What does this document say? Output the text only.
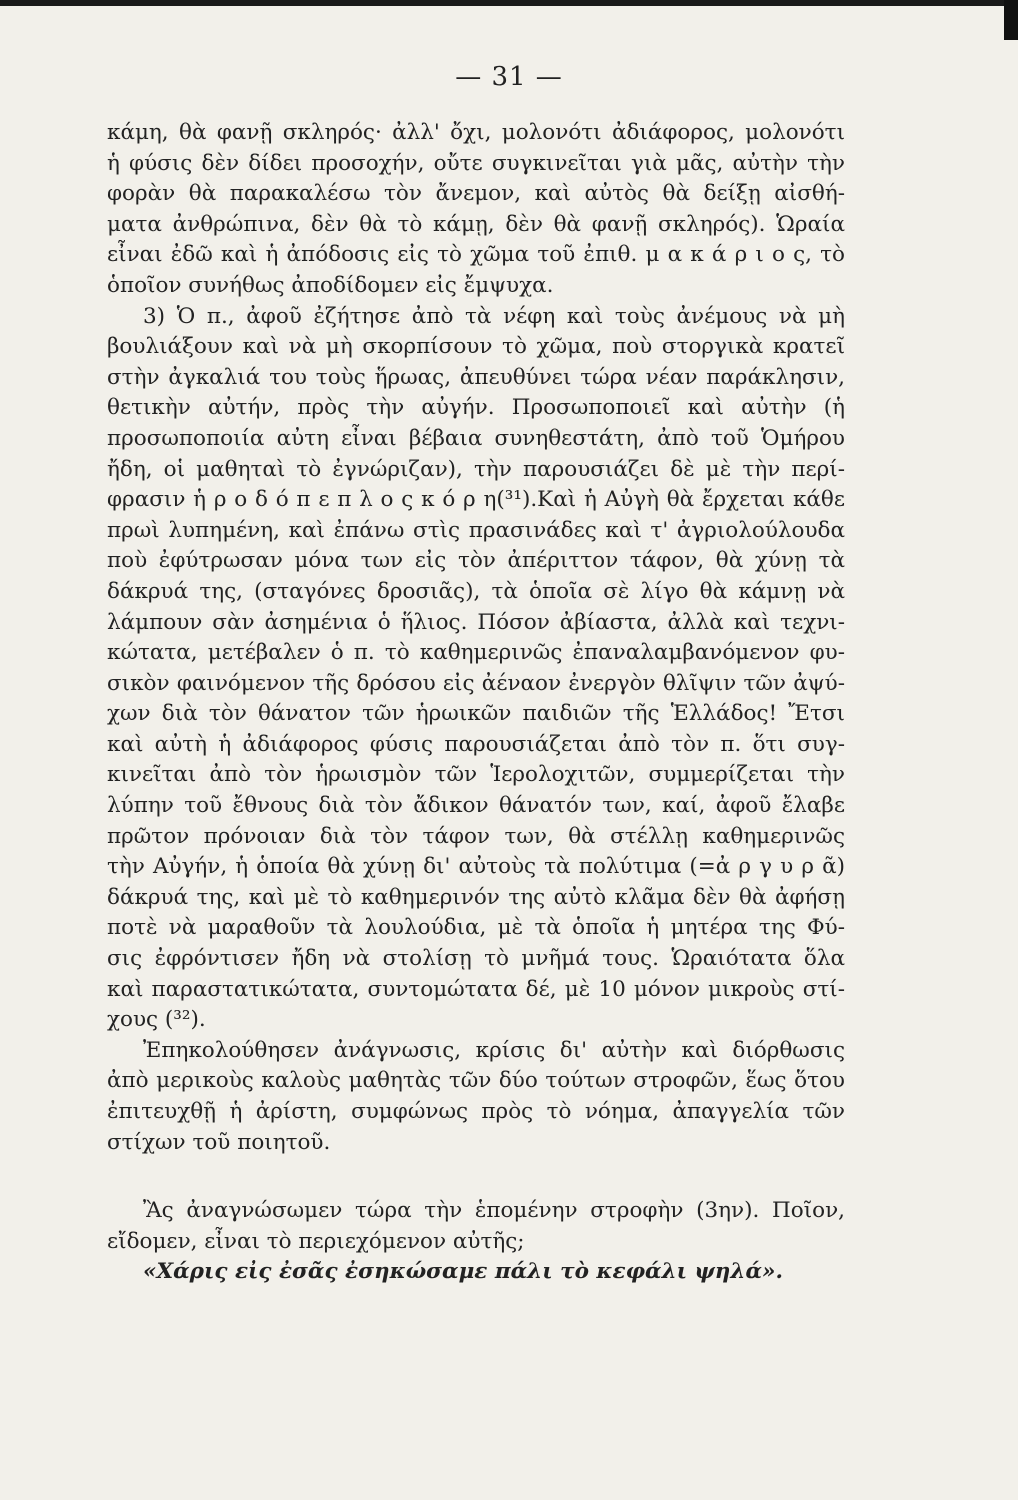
— 31 —
κάμη, θὰ φανῇ σκληρός· ἀλλ' ὄχι, μολονότι ἀδιάφορος, μολονότι
ἡ φύσις δὲν δίδει προσοχήν, οὔτε συγκινεῖται γιὰ μᾶς, αὐτὴν τὴν
φορὰν θὰ παρακαλέσω τὸν ἄνεμον, καὶ αὐτὸς θὰ δείξῃ αἰσθή-
ματα ἀνθρώπινα, δὲν θὰ τὸ κάμῃ, δὲν θὰ φανῇ σκληρός). Ὡραία
εἶναι ἐδῶ καὶ ἡ ἀπόδοσις εἰς τὸ χῶμα τοῦ ἐπιθ. μ α κ ά ρ ι ο ς, τὸ
ὁποῖον συνήθως ἀποδίδομεν εἰς ἔμψυχα.
3) Ὁ π., ἀφοῦ ἐζήτησε ἀπὸ τὰ νέφη καὶ τοὺς ἀνέμους νὰ μὴ
βουλιάξουν καὶ νὰ μὴ σκορπίσουν τὸ χῶμα, ποὺ στοργικὰ κρατεῖ
στὴν ἀγκαλιά του τοὺς ἥρωας, ἀπευθύνει τώρα νέαν παράκλησιν,
θετικὴν αὐτήν, πρὸς τὴν αὐγήν. Προσωποποιεῖ καὶ αὐτὴν (ἡ
προσωποποιία αὐτη εἶναι βέβαια συνηθεστάτη, ἀπὸ τοῦ Ὁμήρου
ἤδη, οἱ μαθηταὶ τὸ ἐγνώριζαν), τὴν παρουσιάζει δὲ μὲ τὴν περί-
φρασιν ἡ ρ ο δ ό π ε π λ ο ς κ ό ρ η(³¹).Καὶ ἡ Αὐγὴ θὰ ἔρχεται κάθε
πρωὶ λυπημένη, καὶ ἐπάνω στὶς πρασινάδες καὶ τ' ἀγριολούλουδα
ποὺ ἐφύτρωσαν μόνα των εἰς τὸν ἀπέριττον τάφον, θὰ χύνῃ τὰ
δάκρυά της, (σταγόνες δροσιᾶς), τὰ ὁποῖα σὲ λίγο θὰ κάμνῃ νὰ
λάμπουν σὰν ἀσημένια ὁ ἥλιος. Πόσον ἀβίαστα, ἀλλὰ καὶ τεχνι-
κώτατα, μετέβαλεν ὁ π. τὸ καθημερινῶς ἐπαναλαμβανόμενον φυ-
σικὸν φαινόμενον τῆς δρόσου εἰς ἀέναον ἐνεργὸν θλῖψιν τῶν ἀψύ-
χων διὰ τὸν θάνατον τῶν ἡρωικῶν παιδιῶν τῆς Ἑλλάδος! Ἔτσι
καὶ αὐτὴ ἡ ἀδιάφορος φύσις παρουσιάζεται ἀπὸ τὸν π. ὅτι συγ-
κινεῖται ἀπὸ τὸν ἡρωισμὸν τῶν Ἱερολοχιτῶν, συμμερίζεται τὴν
λύπην τοῦ ἔθνους διὰ τὸν ἄδικον θάνατόν των, καί, ἀφοῦ ἔλαβε
πρῶτον πρόνοιαν διὰ τὸν τάφον των, θὰ στέλλῃ καθημερινῶς
τὴν Αὐγήν, ἡ ὁποία θὰ χύνῃ δι' αὐτοὺς τὰ πολύτιμα (=ἀ ρ γ υ ρ ᾶ)
δάκρυά της, καὶ μὲ τὸ καθημερινόν της αὐτὸ κλᾶμα δὲν θὰ ἀφήσῃ
ποτὲ νὰ μαραθοῦν τὰ λουλούδια, μὲ τὰ ὁποῖα ἡ μητέρα της Φύ-
σις ἐφρόντισεν ἤδη νὰ στολίσῃ τὸ μνῆμά τους. Ὡραιότατα ὅλα
καὶ παραστατικώτατα, συντομώτατα δέ, μὲ 10 μόνον μικροὺς στί-
χους (³²).
Ἐπηκολούθησεν ἀνάγνωσις, κρίσις δι' αὐτὴν καὶ διόρθωσις
ἀπὸ μερικοὺς καλοὺς μαθητὰς τῶν δύο τούτων στροφῶν, ἕως ὅτου
ἐπιτευχθῇ ἡ ἀρίστη, συμφώνως πρὸς τὸ νόημα, ἀπαγγελία τῶν
στίχων τοῦ ποιητοῦ.
Ἂς ἀναγνώσωμεν τώρα τὴν ἑπομένην στροφὴν (3ην). Ποῖον,
εἴδομεν, εἶναι τὸ περιεχόμενον αὐτῆς;
«Χάρις εἰς ἐσᾶς ἐσηκώσαμε πάλι τὸ κεφάλι ψηλά».
